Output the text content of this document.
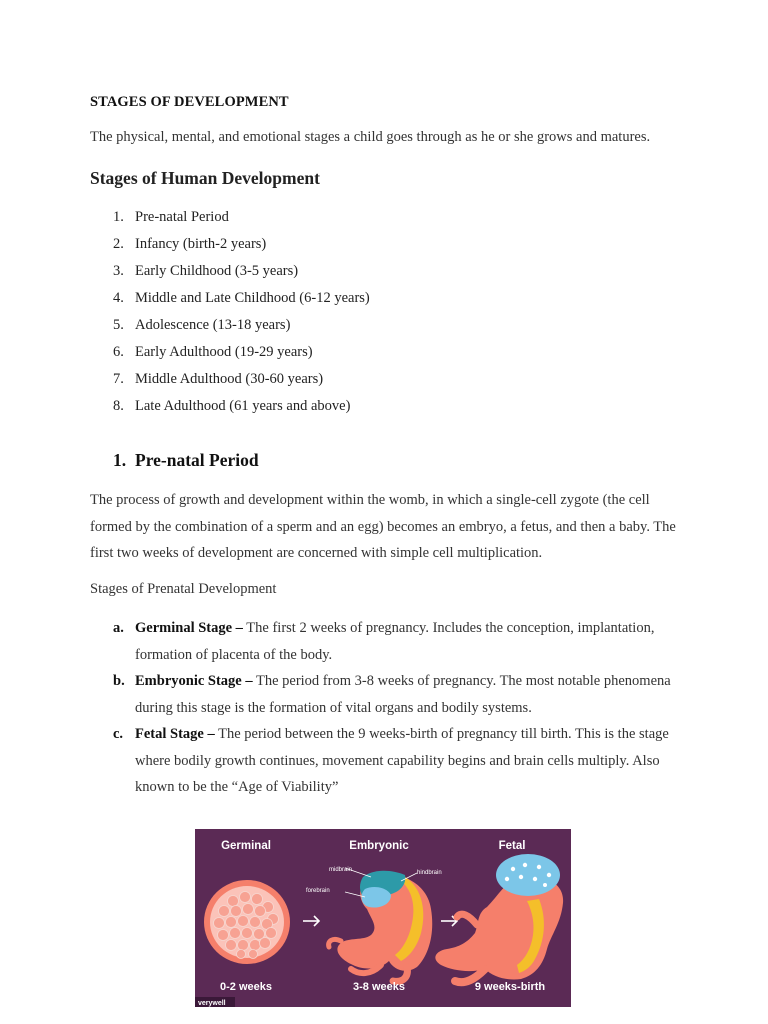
STAGES OF DEVELOPMENT
The physical, mental, and emotional stages a child goes through as he or she grows and matures.
Stages of Human Development
1. Pre-natal Period
2. Infancy (birth-2 years)
3. Early Childhood (3-5 years)
4. Middle and Late Childhood (6-12 years)
5. Adolescence (13-18 years)
6. Early Adulthood (19-29 years)
7. Middle Adulthood (30-60 years)
8. Late Adulthood (61 years and above)
1. Pre-natal Period
The process of growth and development within the womb, in which a single-cell zygote (the cell formed by the combination of a sperm and an egg) becomes an embryo, a fetus, and then a baby. The first two weeks of development are concerned with simple cell multiplication.
Stages of Prenatal Development
a. Germinal Stage – The first 2 weeks of pregnancy. Includes the conception, implantation, formation of placenta of the body.
b. Embryonic Stage – The period from 3-8 weeks of pregnancy. The most notable phenomena during this stage is the formation of vital organs and bodily systems.
c. Fetal Stage – The period between the 9 weeks-birth of pregnancy till birth. This is the stage where bodily growth continues, movement capability begins and brain cells multiply. Also known to be the “Age of Viability”
Germinal	Embryonic	Fetal
midbrain	hindbrain
forebrain
0-2 weeks	3-8 weeks	9 weeks-birth
verywell
